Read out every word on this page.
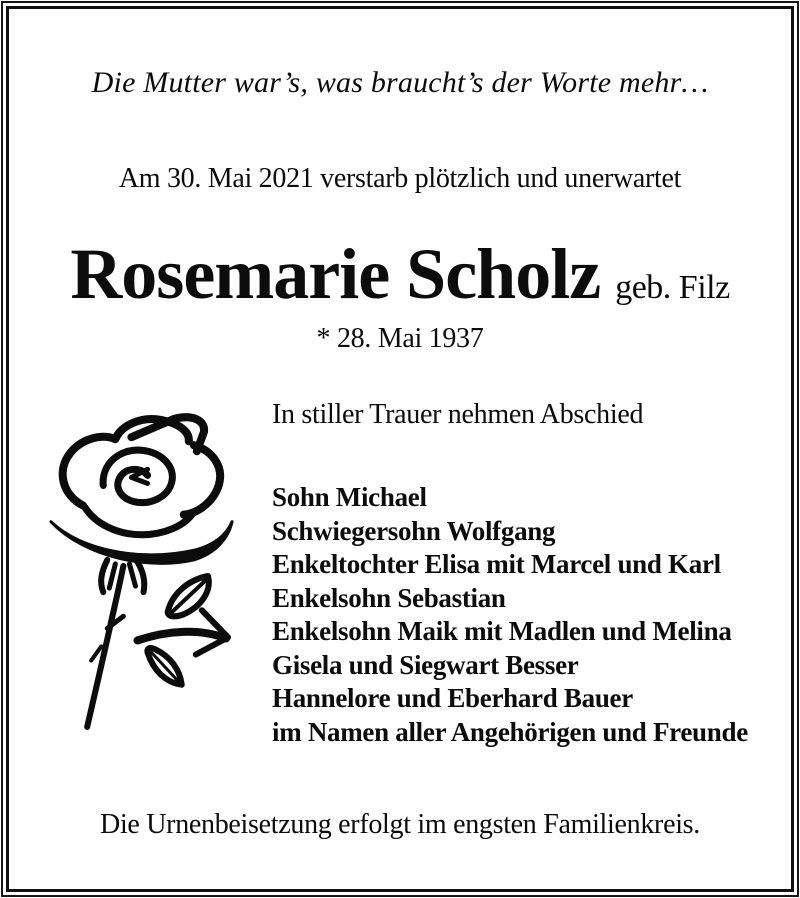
Die Mutter war’s, was braucht’s der Worte mehr…
Am 30. Mai 2021 verstarb plötzlich und unerwartet
Rosemarie Scholz geb. Filz
* 28. Mai 1937
In stiller Trauer nehmen Abschied
Sohn Michael
Schwiegersohn Wolfgang
Enkeltochter Elisa mit Marcel und Karl
Enkelsohn Sebastian
Enkelsohn Maik mit Madlen und Melina
Gisela und Siegwart Besser
Hannelore und Eberhard Bauer
im Namen aller Angehörigen und Freunde
Die Urnenbeisetzung erfolgt im engsten Familienkreis.
